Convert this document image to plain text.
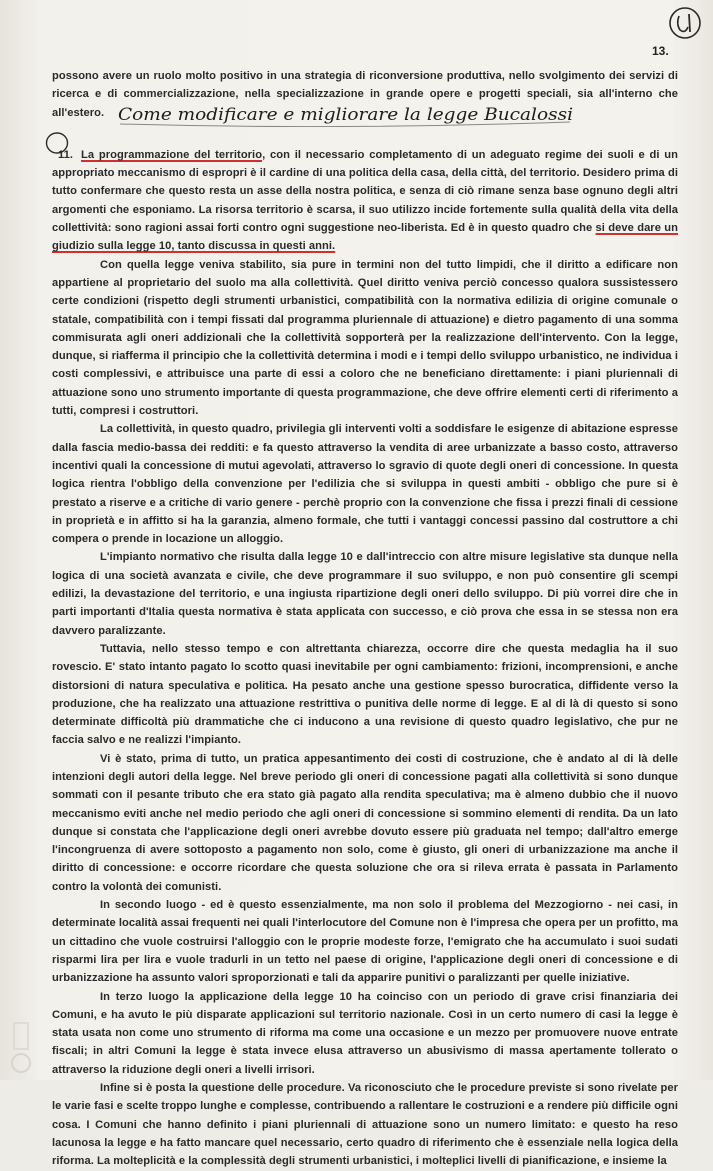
01
13.
Come modificare e migliorare la legge Bucalossi

possono avere un ruolo molto positivo in una strategia di riconversione produttiva, nello svolgimento dei servizi di ricerca e di commercializzazione, nella specializzazione in grande opere e progetti speciali, sia all'interno che all'estero.

11. La programmazione del territorio, con il necessario completamento di un adeguato regime dei suoli e di un appropriato meccanismo di espropri è il cardine di una politica della casa, della città, del territorio. Desidero prima di tutto confermare che questo resta un asse della nostra politica, e senza di ciò rimane senza base ognuno degli altri argomenti che esponiamo. La risorsa territorio è scarsa, il suo utilizzo incide fortemente sulla qualità della vita della collettività: sono ragioni assai forti contro ogni suggestione neo-liberista. Ed è in questo quadro che si deve dare un giudizio sulla legge 10, tanto discussa in questi anni.

Con quella legge veniva stabilito, sia pure in termini non del tutto limpidi, che il diritto a edificare non appartiene al proprietario del suolo ma alla collettività. Quel diritto veniva perciò concesso qualora sussistessero certe condizioni (rispetto degli strumenti urbanistici, compatibilità con la normativa edilizia di origine comunale o statale, compatibilità con i tempi fissati dal programma pluriennale di attuazione) e dietro pagamento di una somma commisurata agli oneri addizionali che la collettività sopporterà per la realizzazione dell'intervento. Con la legge, dunque, si riafferma il principio che la collettività determina i modi e i tempi dello sviluppo urbanistico, ne individua i costi complessivi, e attribuisce una parte di essi a coloro che ne beneficiano direttamente: i piani pluriennali di attuazione sono uno strumento importante di questa programmazione, che deve offrire elementi certi di riferimento a tutti, compresi i costruttori.

La collettività, in questo quadro, privilegia gli interventi volti a soddisfare le esigenze di abitazione espresse dalla fascia medio-bassa dei redditi: e fa questo attraverso la vendita di aree urbanizzate a basso costo, attraverso incentivi quali la concessione di mutui agevolati, attraverso lo sgravio di quote degli oneri di concessione. In questa logica rientra l'obbligo della convenzione per l'edilizia che si sviluppa in questi ambiti - obbligo che pure si è prestato a riserve e a critiche di vario genere - perchè proprio con la convenzione che fissa i prezzi finali di cessione in proprietà e in affitto si ha la garanzia, almeno formale, che tutti i vantaggi concessi passino dal costruttore a chi compera o prende in locazione un alloggio.

L'impianto normativo che risulta dalla legge 10 e dall'intreccio con altre misure legislative sta dunque nella logica di una società avanzata e civile, che deve programmare il suo sviluppo, e non può consentire gli scempi edilizi, la devastazione del territorio, e una ingiusta ripartizione degli oneri dello sviluppo. Di più vorrei dire che in parti importanti d'Italia questa normativa è stata applicata con successo, e ciò prova che essa in se stessa non era davvero paralizzante.

Tuttavia, nello stesso tempo e con altrettanta chiarezza, occorre dire che questa medaglia ha il suo rovescio. E' stato intanto pagato lo scotto quasi inevitabile per ogni cambiamento: frizioni, incomprensioni, e anche distorsioni di natura speculativa e politica. Ha pesato anche una gestione spesso burocratica, diffidente verso la produzione, che ha realizzato una attuazione restrittiva o punitiva delle norme di legge. E al di là di questo si sono determinate difficoltà più drammatiche che ci inducono a una revisione di questo quadro legislativo, che pur ne faccia salvo e ne realizzi l'impianto.

Vi è stato, prima di tutto, un pratica appesantimento dei costi di costruzione, che è andato al di là delle intenzioni degli autori della legge. Nel breve periodo gli oneri di concessione pagati alla collettività si sono dunque sommati con il pesante tributo che era stato già pagato alla rendita speculativa; ma è almeno dubbio che il nuovo meccanismo eviti anche nel medio periodo che agli oneri di concessione si sommino elementi di rendita. Da un lato dunque si constata che l'applicazione degli oneri avrebbe dovuto essere più graduata nel tempo; dall'altro emerge l'incongruenza di avere sottoposto a pagamento non solo, come è giusto, gli oneri di urbanizzazione ma anche il diritto di concessione: e occorre ricordare che questa soluzione che ora si rileva errata è passata in Parlamento contro la volontà dei comunisti.

In secondo luogo - ed è questo essenzialmente, ma non solo il problema del Mezzogiorno - nei casi, in determinate località assai frequenti nei quali l'interlocutore del Comune non è l'impresa che opera per un profitto, ma un cittadino che vuole costruirsi l'alloggio con le proprie modeste forze, l'emigrato che ha accumulato i suoi sudati risparmi lira per lira e vuole tradurli in un tetto nel paese di origine, l'applicazione degli oneri di concessione e di urbanizzazione ha assunto valori sproporzionati e tali da apparire punitivi o paralizzanti per quelle iniziative.

In terzo luogo la applicazione della legge 10 ha coinciso con un periodo di grave crisi finanziaria dei Comuni, e ha avuto le più disparate applicazioni sul territorio nazionale. Così in un certo numero di casi la legge è stata usata non come uno strumento di riforma ma come una occasione e un mezzo per promuovere nuove entrate fiscali; in altri Comuni la legge è stata invece elusa attraverso un abusivismo di massa apertamente tollerato o attraverso la riduzione degli oneri a livelli irrisori.

Infine si è posta la questione delle procedure. Va riconosciuto che le procedure previste si sono rivelate per le varie fasi e scelte troppo lunghe e complesse, contribuendo a rallentare le costruzioni e a rendere più difficile ogni cosa. I Comuni che hanno definito i piani pluriennali di attuazione sono un numero limitato: e questo ha reso lacunosa la legge e ha fatto mancare quel necessario, certo quadro di riferimento che è essenziale nella logica della riforma. La molteplicità e la complessità degli strumenti urbanistici, i molteplici livelli di pianificazione, e insieme la
